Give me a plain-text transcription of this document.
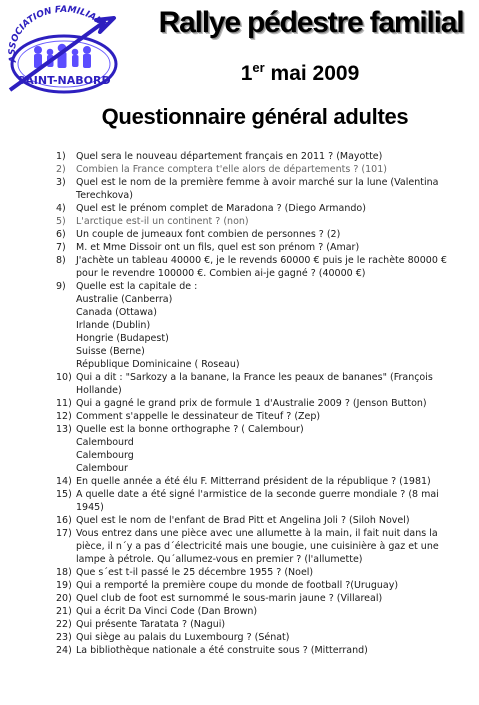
ASSOCIATION FAMILIALE
SAINT-NABORD
Rallye pédestre familial
1er mai 2009
Questionnaire général adultes
1)	Quel sera le nouveau département français en 2011 ? (Mayotte)
2)	Combien la France comptera t'elle alors de départements ? (101)
3)	Quel est le nom de la première femme à avoir marché sur la lune (Valentina Terechkova)
4)	Quel est le prénom complet de Maradona ? (Diego Armando)
5)	L'arctique est-il un continent ? (non)
6)	Un couple de jumeaux font combien de personnes ? (2)
7)	M. et Mme Dissoir ont un fils, quel est son prénom ? (Amar)
8)	J'achète un tableau 40000 €, je le revends 60000 € puis je le rachète 80000 € pour le revendre 100000 €. Combien ai-je gagné ? (40000 €)
9)	Quelle est la capitale de :
Australie (Canberra)
Canada (Ottawa)
Irlande (Dublin)
Hongrie (Budapest)
Suisse (Berne)
République Dominicaine ( Roseau)
10) Qui a dit : "Sarkozy a la banane, la France les peaux de bananes" (François Hollande)
11) Qui a gagné le grand prix de formule 1 d'Australie 2009 ? (Jenson Button)
12) Comment s'appelle le dessinateur de Titeuf ? (Zep)
13) Quelle est la bonne orthographe ? ( Calembour)
Calembourd
Calembourg
Calembour
14) En quelle année a été élu F. Mitterrand président de la république ? (1981)
15) A quelle date a été signé l'armistice de la seconde guerre mondiale ? (8 mai 1945)
16) Quel est le nom de l'enfant de Brad Pitt et Angelina Joli ? (Siloh Novel)
17) Vous entrez dans une pièce avec une allumette à la main, il fait nuit dans la pièce, il n´y a pas d´électricité mais une bougie, une cuisinière à gaz et une lampe à pétrole. Qu´allumez-vous en premier ? (l'allumette)
18) Que s´est t-il passé le 25 décembre 1955 ? (Noel)
19) Qui a remporté la première coupe du monde de football ?(Uruguay)
20) Quel club de foot est surnommé le sous-marin jaune ? (Villareal)
21) Qui a écrit Da Vinci Code (Dan Brown)
22) Qui présente Taratata ? (Nagui)
23) Qui siège au palais du Luxembourg ? (Sénat)
24) La bibliothèque nationale a été construite sous ? (Mitterrand)
